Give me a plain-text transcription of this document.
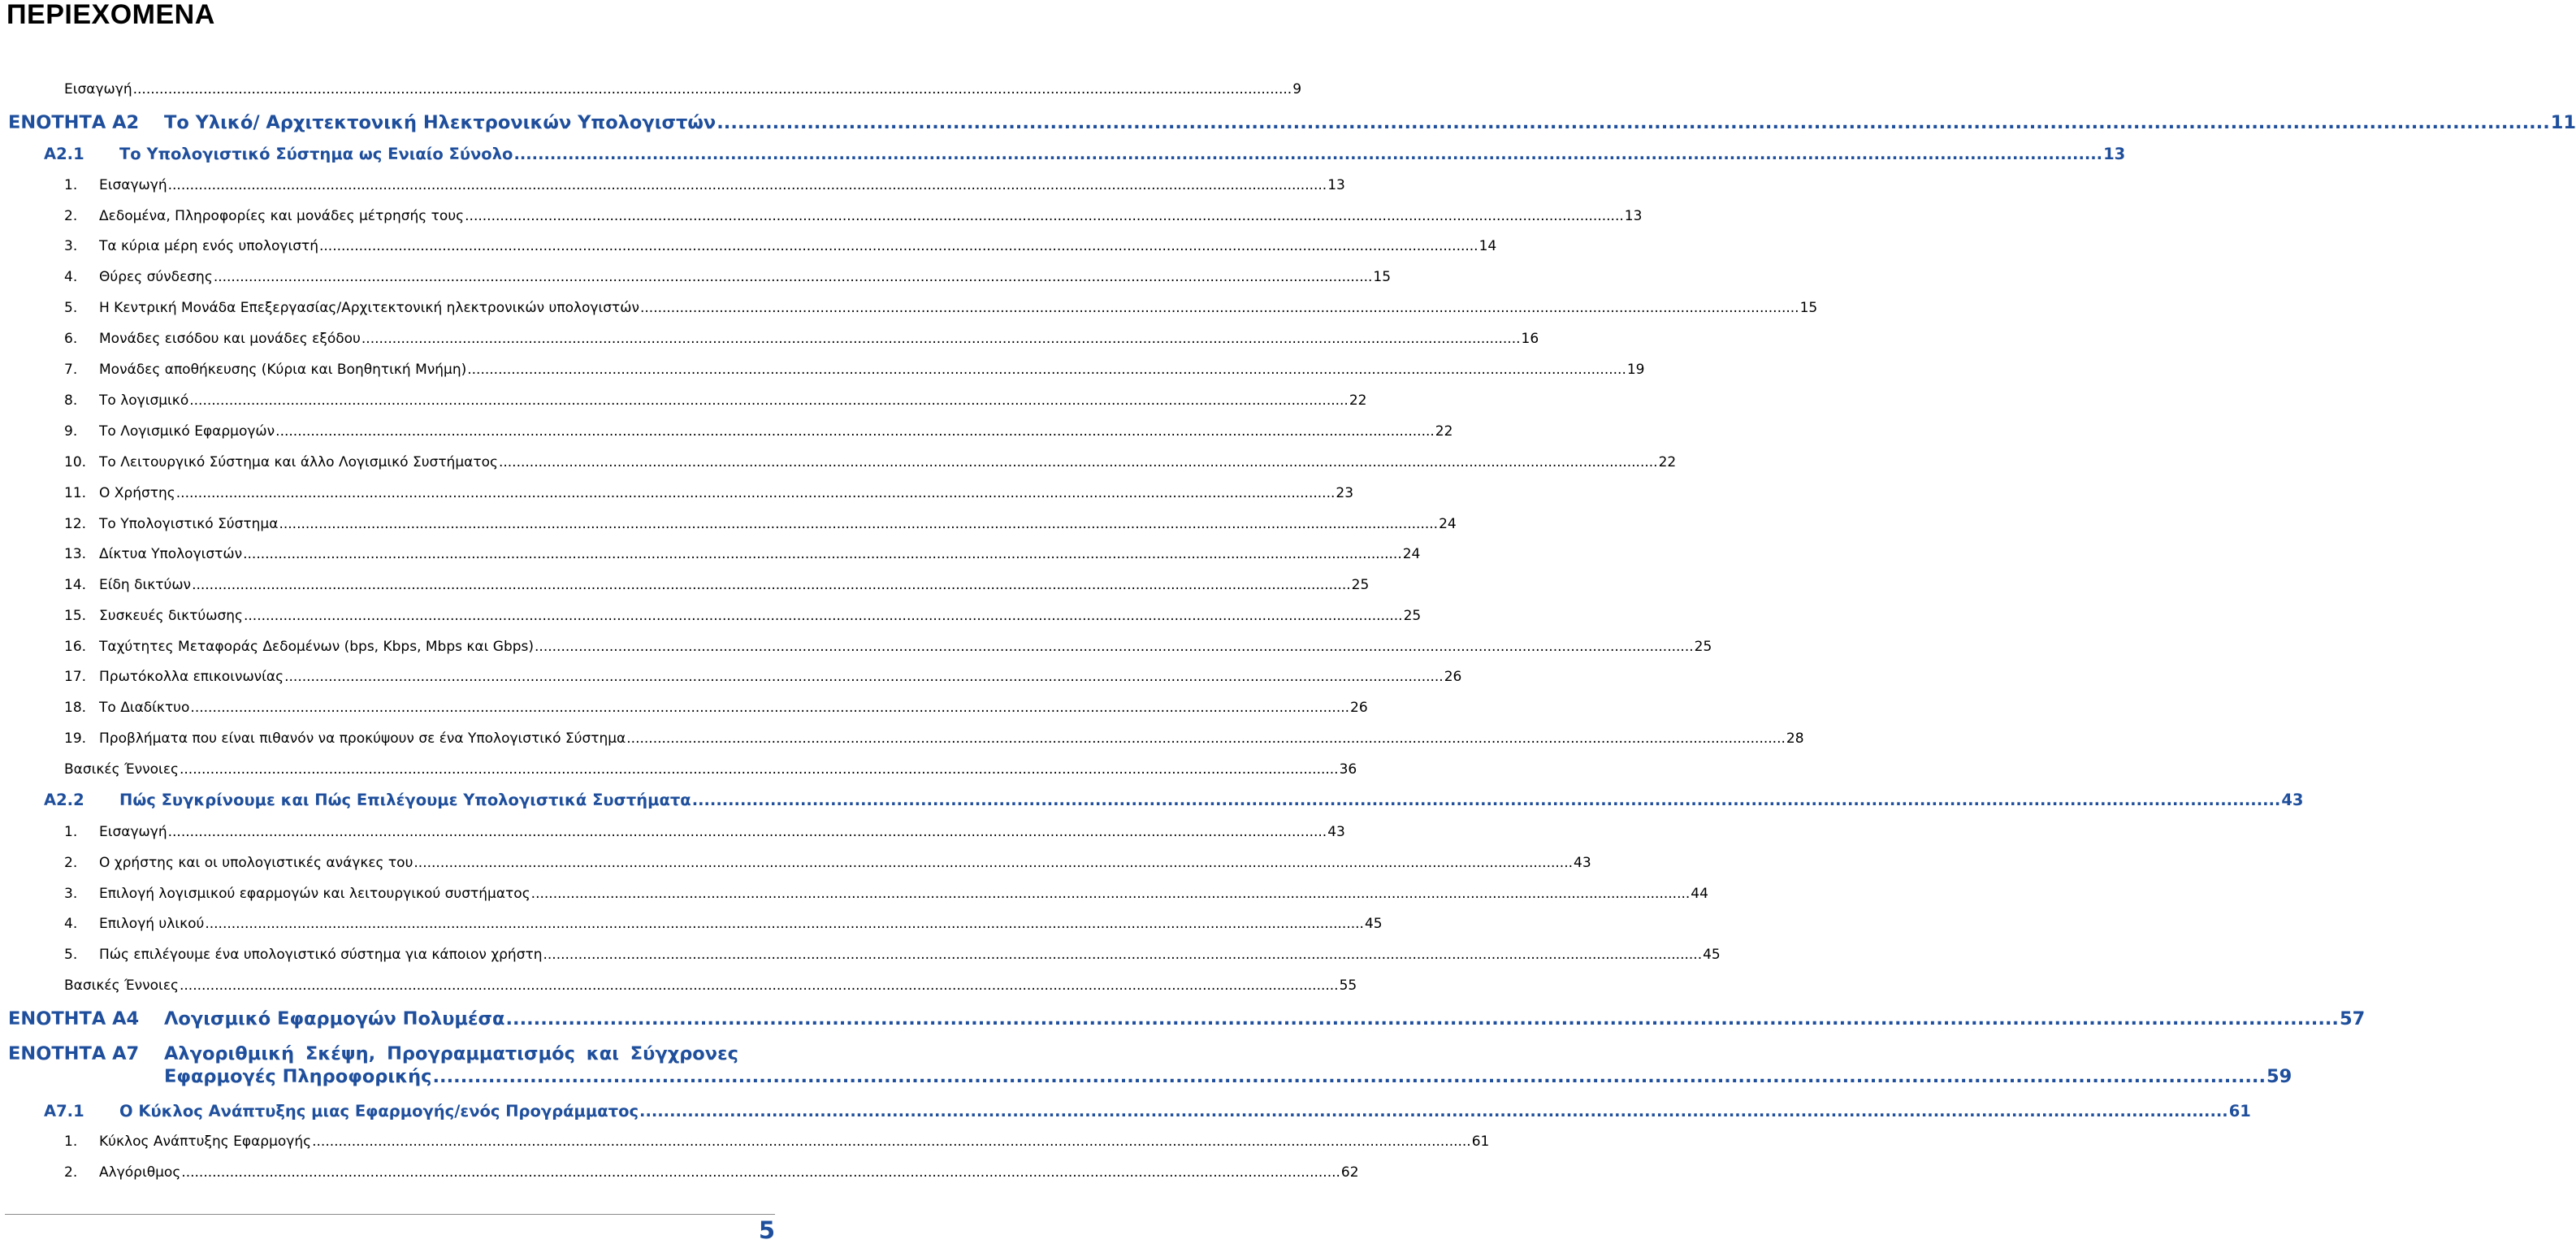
ΠΕΡΙΕΧΟΜΕΝΑ
Εισαγωγή .....	9
ΕΝΟΤΗΤΑ Α2	Το Υλικό/ Αρχιτεκτονική Ηλεκτρονικών Υπολογιστών .....	11
Α2.1	Το Υπολογιστικό Σύστημα ως Ενιαίο Σύνολο .....	13
1.	Εισαγωγή .....	13
2.	Δεδομένα, Πληροφορίες και μονάδες μέτρησής τους .....	13
3.	Τα κύρια μέρη ενός υπολογιστή .....	14
4.	Θύρες σύνδεσης .....	15
5.	Η Κεντρική Μονάδα Επεξεργασίας/Αρχιτεκτονική ηλεκτρονικών υπολογιστών .....	15
6.	Μονάδες εισόδου και μονάδες εξόδου .....	16
7.	Μονάδες αποθήκευσης (Κύρια και Βοηθητική Μνήμη) .....	19
8.	Το λογισμικό .....	22
9.	Το Λογισμικό Εφαρμογών .....	22
10. Το Λειτουργικό Σύστημα και άλλο Λογισμικό Συστήματος .....	22
11. Ο Χρήστης .....	23
12. Το Υπολογιστικό Σύστημα .....	24
13. Δίκτυα Υπολογιστών .....	24
14. Είδη δικτύων .....	25
15. Συσκευές δικτύωσης .....	25
16. Ταχύτητες Μεταφοράς Δεδομένων (bps, Kbps, Mbps και Gbps) .....	25
17. Πρωτόκολλα επικοινωνίας .....	26
18. Το Διαδίκτυο .....	26
19. Προβλήματα που είναι πιθανόν να προκύψουν σε ένα Υπολογιστικό Σύστημα .....	28
Βασικές Έννοιες .....	36
Α2.2	Πώς Συγκρίνουμε και Πώς Επιλέγουμε Υπολογιστικά Συστήματα .....	43
1.	Εισαγωγή .....	43
2.	Ο χρήστης και οι υπολογιστικές ανάγκες του .....	43
3.	Επιλογή λογισμικού εφαρμογών και λειτουργικού συστήματος .....	44
4.	Επιλογή υλικού .....	45
5.	Πώς επιλέγουμε ένα υπολογιστικό σύστημα για κάποιον χρήστη .....	45
Βασικές Έννοιες .....	55
ΕΝΟΤΗΤΑ Α4	Λογισμικό Εφαρμογών Πολυμέσα .....	57
ΕΝΟΤΗΤΑ Α7	Αλγοριθμική Σκέψη, Προγραμματισμός και Σύγχρονες
Εφαρμογές Πληροφορικής .....	59
Α7.1	Ο Κύκλος Ανάπτυξης μιας Εφαρμογής/ενός Προγράμματος .....	61
1.	Κύκλος Ανάπτυξης Εφαρμογής .....	61
2.	Αλγόριθμος .....	62
5
